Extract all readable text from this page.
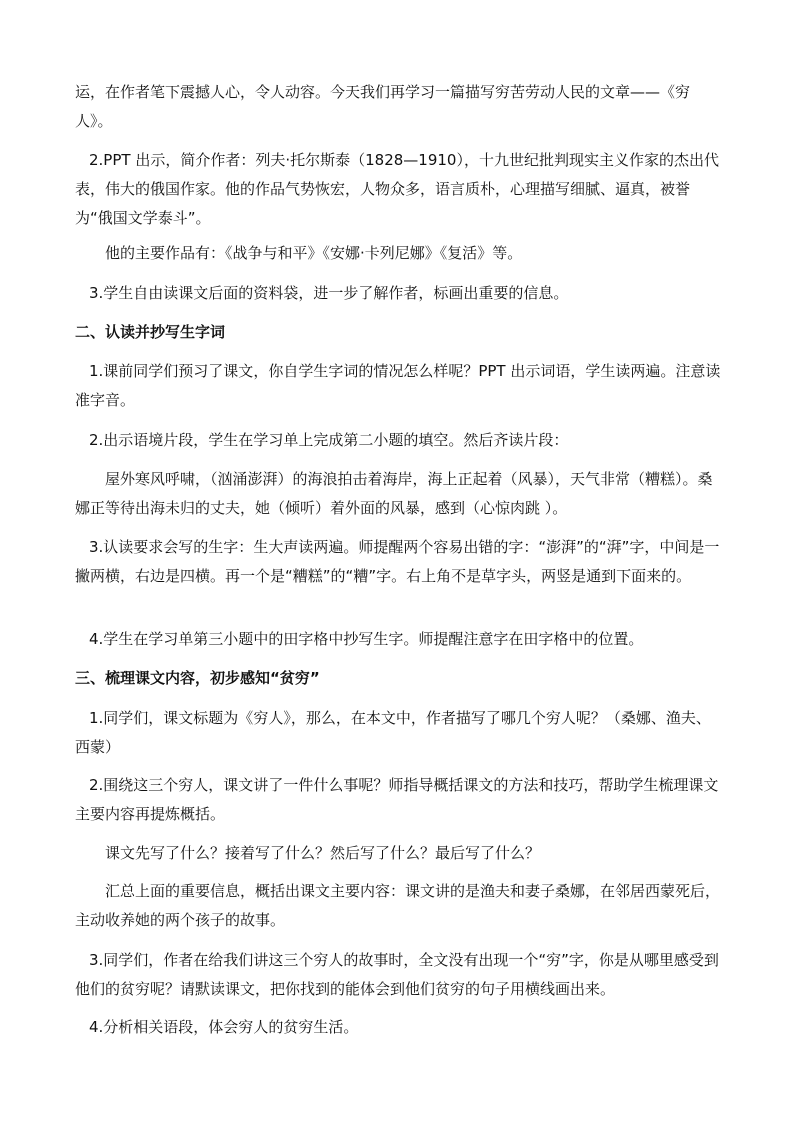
运，在作者笔下震撼人心，令人动容。今天我们再学习一篇描写穷苦劳动人民的文章——《穷人》。

2.PPT 出示，简介作者：列夫·托尔斯泰（1828—1910），十九世纪批判现实主义作家的杰出代表，伟大的俄国作家。他的作品气势恢宏，人物众多，语言质朴，心理描写细腻、逼真，被誉为“俄国文学泰斗”。

他的主要作品有：《战争与和平》《安娜·卡列尼娜》《复活》等。

3.学生自由读课文后面的资料袋，进一步了解作者，标画出重要的信息。

二、认读并抄写生字词

1.课前同学们预习了课文，你自学生字词的情况怎么样呢？PPT 出示词语，学生读两遍。注意读准字音。

2.出示语境片段，学生在学习单上完成第二小题的填空。然后齐读片段：

屋外寒风呼啸，（汹涌澎湃）的海浪拍击着海岸，海上正起着（风暴），天气非常（糟糕）。桑娜正等待出海未归的丈夫，她（倾听）着外面的风暴，感到（心惊肉跳 ）。

3.认读要求会写的生字：生大声读两遍。师提醒两个容易出错的字：“澎湃”的“湃”字，中间是一撇两横，右边是四横。再一个是“糟糕”的“糟”字。右上角不是草字头，两竖是通到下面来的。

4.学生在学习单第三小题中的田字格中抄写生字。师提醒注意字在田字格中的位置。

三、梳理课文内容，初步感知“贫穷”

1.同学们，课文标题为《穷人》，那么，在本文中，作者描写了哪几个穷人呢？（桑娜、渔夫、西蒙）

2.围绕这三个穷人，课文讲了一件什么事呢？师指导概括课文的方法和技巧，帮助学生梳理课文主要内容再提炼概括。

课文先写了什么？接着写了什么？然后写了什么？最后写了什么？

汇总上面的重要信息，概括出课文主要内容：课文讲的是渔夫和妻子桑娜，在邻居西蒙死后，主动收养她的两个孩子的故事。

3.同学们，作者在给我们讲这三个穷人的故事时，全文没有出现一个“穷”字，你是从哪里感受到他们的贫穷呢？请默读课文，把你找到的能体会到他们贫穷的句子用横线画出来。

4.分析相关语段，体会穷人的贫穷生活。
